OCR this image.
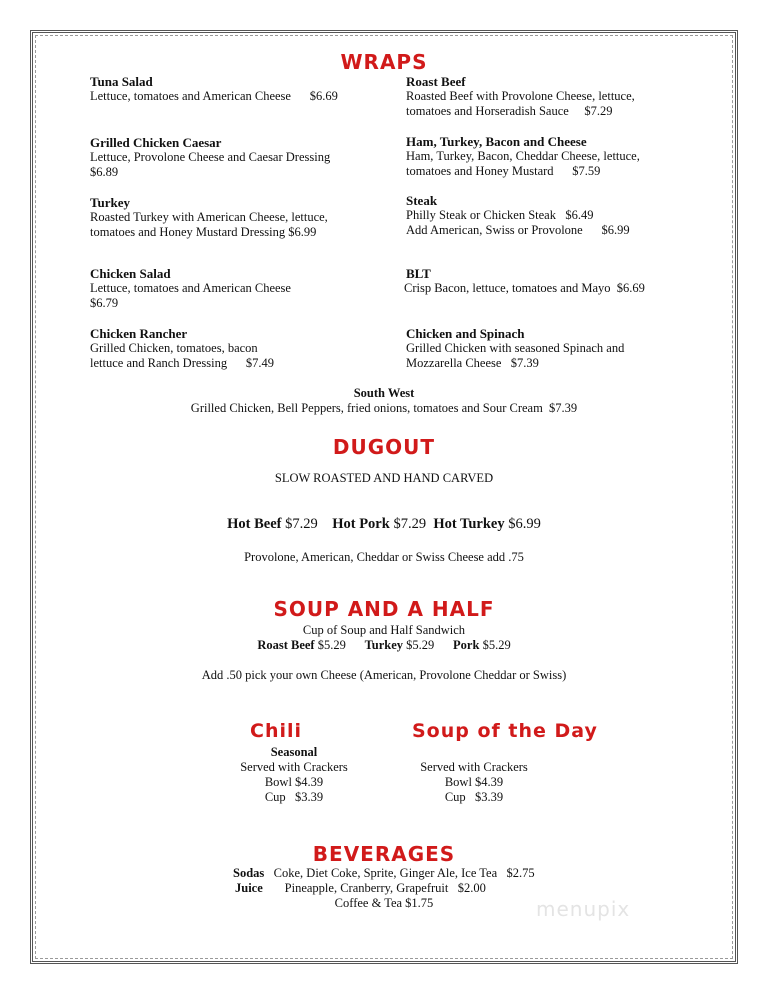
WRAPS
Tuna Salad
Lettuce, tomatoes and American Cheese      $6.69
Grilled Chicken Caesar
Lettuce, Provolone Cheese and Caesar Dressing
$6.89
Turkey
Roasted Turkey with American Cheese, lettuce,
tomatoes and Honey Mustard Dressing $6.99
Chicken Salad
Lettuce, tomatoes and American Cheese
$6.79
Chicken Rancher
Grilled Chicken, tomatoes, bacon
lettuce and Ranch Dressing      $7.49
Roast Beef
Roasted Beef with Provolone Cheese, lettuce,
tomatoes and Horseradish Sauce     $7.29
Ham, Turkey, Bacon and Cheese
Ham, Turkey, Bacon, Cheddar Cheese, lettuce,
tomatoes and Honey Mustard      $7.59
Steak
Philly Steak or Chicken Steak   $6.49
Add American, Swiss or Provolone      $6.99
BLT
Crisp Bacon, lettuce, tomatoes and Mayo  $6.69
Chicken and Spinach
Grilled Chicken with seasoned Spinach and
Mozzarella Cheese   $7.39
South West
Grilled Chicken, Bell Peppers, fried onions, tomatoes and Sour Cream  $7.39
DUGOUT
SLOW ROASTED AND HAND CARVED
Hot Beef $7.29 Hot Pork $7.29 Hot Turkey $6.99
Provolone, American, Cheddar or Swiss Cheese add .75
SOUP AND A HALF
Cup of Soup and Half Sandwich
Roast Beef $5.29 Turkey $5.29 Pork $5.29
Add .50 pick your own Cheese (American, Provolone Cheddar or Swiss)
Chili	Soup of the Day
Seasonal
Served with Crackers
Bowl $4.39
Cup   $3.39
Served with Crackers
Bowl $4.39
Cup   $3.39
BEVERAGES
Sodas Coke, Diet Coke, Sprite, Ginger Ale, Ice Tea   $2.75
Juice Pineapple, Cranberry, Grapefruit   $2.00
Coffee & Tea $1.75	menupix
